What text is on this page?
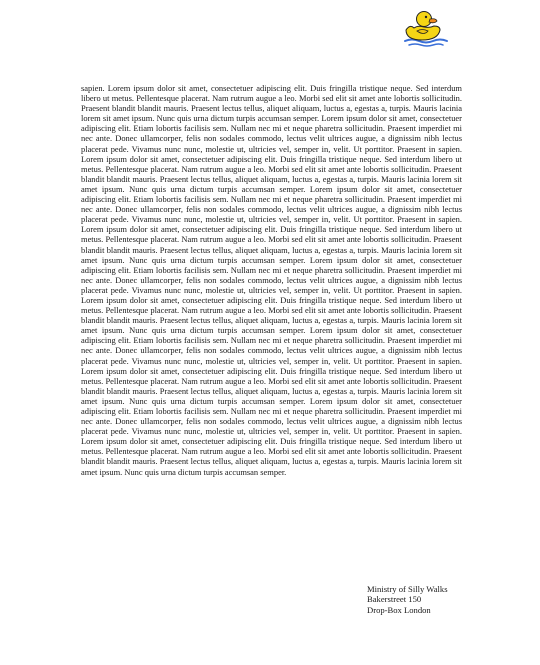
sapien. Lorem ipsum dolor sit amet, consectetuer adipiscing elit. Duis fringilla tristique neque. Sed interdum libero ut metus. Pellentesque placerat. Nam rutrum augue a leo. Morbi sed elit sit amet ante lobortis sollicitudin. Praesent blandit blandit mauris. Praesent lectus tellus, aliquet aliquam, luctus a, egestas a, turpis. Mauris lacinia lorem sit amet ipsum. Nunc quis urna dictum turpis accumsan semper. Lorem ipsum dolor sit amet, consectetuer adipiscing elit. Etiam lobortis facilisis sem. Nullam nec mi et neque pharetra sollicitudin. Praesent imperdiet mi nec ante. Donec ullamcorper, felis non sodales commodo, lectus velit ultrices augue, a dignissim nibh lectus placerat pede. Vivamus nunc nunc, molestie ut, ultricies vel, semper in, velit. Ut porttitor. Praesent in sapien. Lorem ipsum dolor sit amet, consectetuer adipiscing elit. Duis fringilla tristique neque. Sed interdum libero ut metus. Pellentesque placerat. Nam rutrum augue a leo. Morbi sed elit sit amet ante lobortis sollicitudin. Praesent blandit blandit mauris. Praesent lectus tellus, aliquet aliquam, luctus a, egestas a, turpis. Mauris lacinia lorem sit amet ipsum. Nunc quis urna dictum turpis accumsan semper. Lorem ipsum dolor sit amet, consectetuer adipiscing elit. Etiam lobortis facilisis sem. Nullam nec mi et neque pharetra sollicitudin. Praesent imperdiet mi nec ante. Donec ullamcorper, felis non sodales commodo, lectus velit ultrices augue, a dignissim nibh lectus placerat pede. Vivamus nunc nunc, molestie ut, ultricies vel, semper in, velit. Ut porttitor. Praesent in sapien. Lorem ipsum dolor sit amet, consectetuer adipiscing elit. Duis fringilla tristique neque. Sed interdum libero ut metus. Pellentesque placerat. Nam rutrum augue a leo. Morbi sed elit sit amet ante lobortis sollicitudin. Praesent blandit blandit mauris. Praesent lectus tellus, aliquet aliquam, luctus a, egestas a, turpis. Mauris lacinia lorem sit amet ipsum. Nunc quis urna dictum turpis accumsan semper. Lorem ipsum dolor sit amet, consectetuer adipiscing elit. Etiam lobortis facilisis sem. Nullam nec mi et neque pharetra sollicitudin. Praesent imperdiet mi nec ante. Donec ullamcorper, felis non sodales commodo, lectus velit ultrices augue, a dignissim nibh lectus placerat pede. Vivamus nunc nunc, molestie ut, ultricies vel, semper in, velit. Ut porttitor. Praesent in sapien. Lorem ipsum dolor sit amet, consectetuer adipiscing elit. Duis fringilla tristique neque. Sed interdum libero ut metus. Pellentesque placerat. Nam rutrum augue a leo. Morbi sed elit sit amet ante lobortis sollicitudin. Praesent blandit blandit mauris. Praesent lectus tellus, aliquet aliquam, luctus a, egestas a, turpis. Mauris lacinia lorem sit amet ipsum. Nunc quis urna dictum turpis accumsan semper. Lorem ipsum dolor sit amet, consectetuer adipiscing elit. Etiam lobortis facilisis sem. Nullam nec mi et neque pharetra sollicitudin. Praesent imperdiet mi nec ante. Donec ullamcorper, felis non sodales commodo, lectus velit ultrices augue, a dignissim nibh lectus placerat pede. Vivamus nunc nunc, molestie ut, ultricies vel, semper in, velit. Ut porttitor. Praesent in sapien. Lorem ipsum dolor sit amet, consectetuer adipiscing elit. Duis fringilla tristique neque. Sed interdum libero ut metus. Pellentesque placerat. Nam rutrum augue a leo. Morbi sed elit sit amet ante lobortis sollicitudin. Praesent blandit blandit mauris. Praesent lectus tellus, aliquet aliquam, luctus a, egestas a, turpis. Mauris lacinia lorem sit amet ipsum. Nunc quis urna dictum turpis accumsan semper. Lorem ipsum dolor sit amet, consectetuer adipiscing elit. Etiam lobortis facilisis sem. Nullam nec mi et neque pharetra sollicitudin. Praesent imperdiet mi nec ante. Donec ullamcorper, felis non sodales commodo, lectus velit ultrices augue, a dignissim nibh lectus placerat pede. Vivamus nunc nunc, molestie ut, ultricies vel, semper in, velit. Ut porttitor. Praesent in sapien. Lorem ipsum dolor sit amet, consectetuer adipiscing elit. Duis fringilla tristique neque. Sed interdum libero ut metus. Pellentesque placerat. Nam rutrum augue a leo. Morbi sed elit sit amet ante lobortis sollicitudin. Praesent blandit blandit mauris. Praesent lectus tellus, aliquet aliquam, luctus a, egestas a, turpis. Mauris lacinia lorem sit amet ipsum. Nunc quis urna dictum turpis accumsan semper.

Ministry of Silly Walks
Bakerstreet 150
Drop-Box London
